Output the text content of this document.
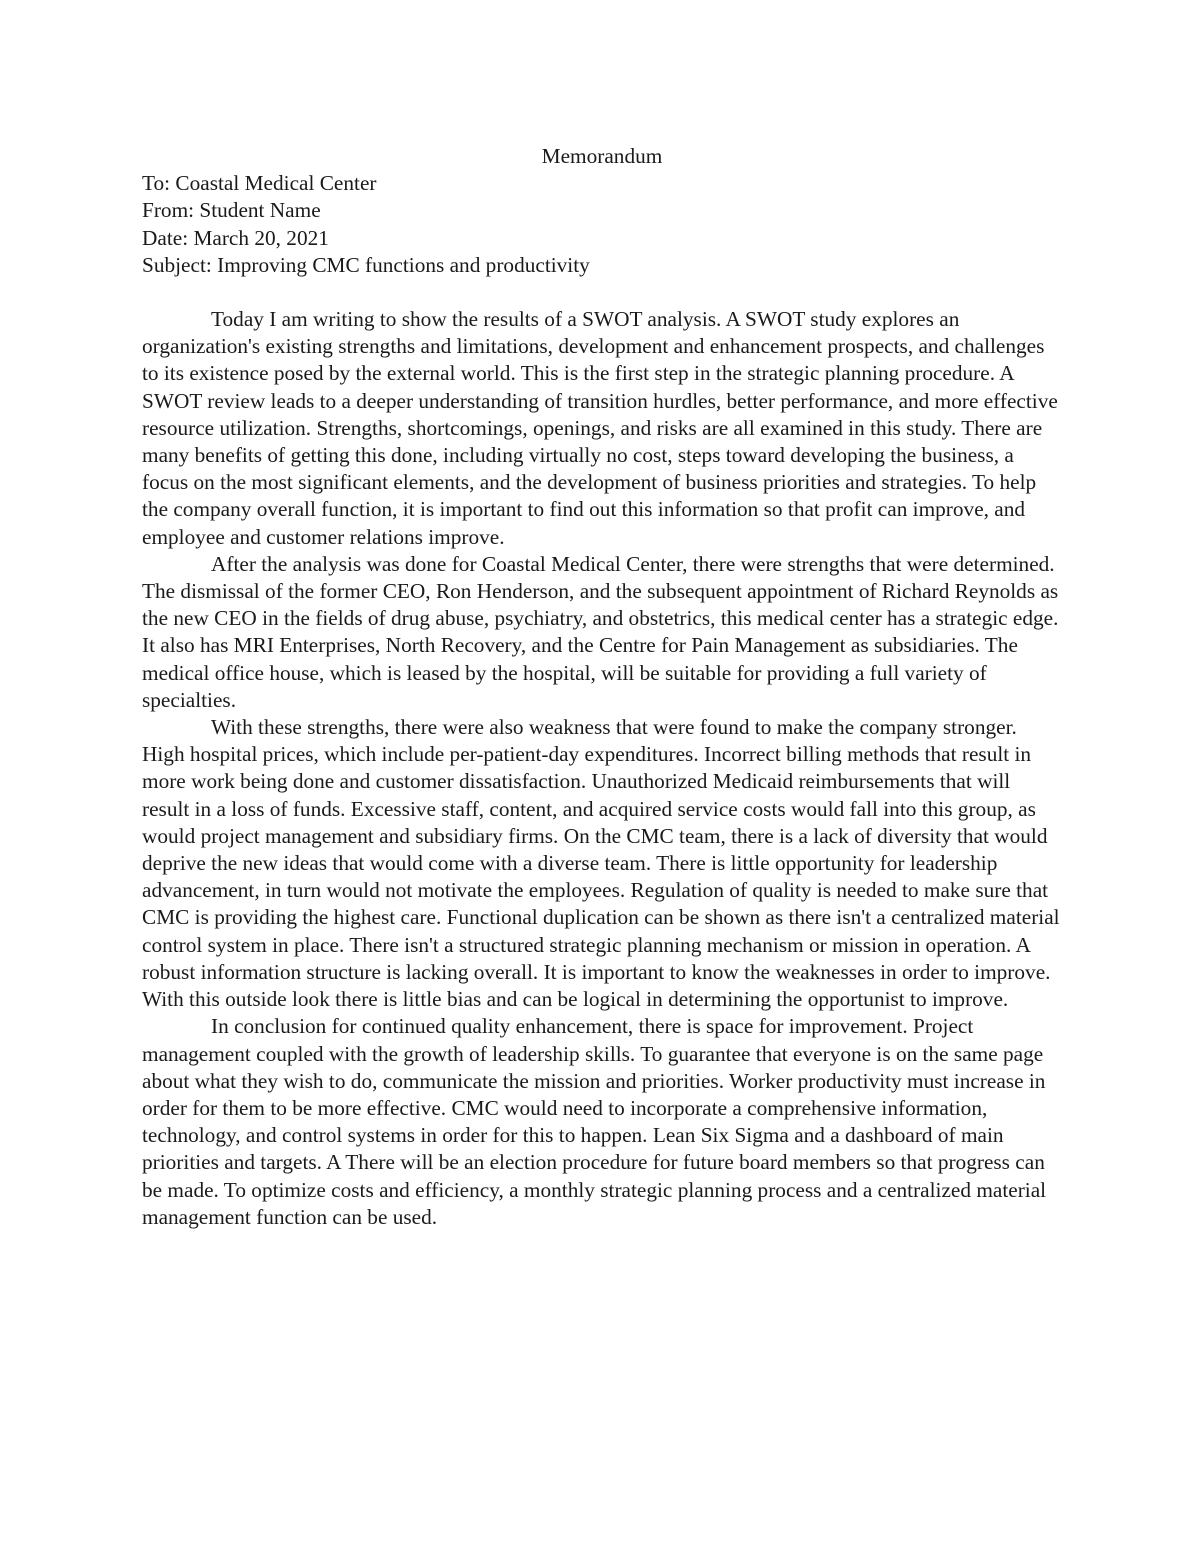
Memorandum

To: Coastal Medical Center

From: Student Name

Date: March 20, 2021

Subject: Improving CMC functions and productivity

Today I am writing to show the results of a SWOT analysis. A SWOT study explores an organization's existing strengths and limitations, development and enhancement prospects, and challenges to its existence posed by the external world. This is the first step in the strategic planning procedure. A SWOT review leads to a deeper understanding of transition hurdles, better performance, and more effective resource utilization. Strengths, shortcomings, openings, and risks are all examined in this study. There are many benefits of getting this done, including virtually no cost, steps toward developing the business, a focus on the most significant elements, and the development of business priorities and strategies. To help the company overall function, it is important to find out this information so that profit can improve, and employee and customer relations improve.

After the analysis was done for Coastal Medical Center, there were strengths that were determined. The dismissal of the former CEO, Ron Henderson, and the subsequent appointment of Richard Reynolds as the new CEO in the fields of drug abuse, psychiatry, and obstetrics, this medical center has a strategic edge. It also has MRI Enterprises, North Recovery, and the Centre for Pain Management as subsidiaries. The medical office house, which is leased by the hospital, will be suitable for providing a full variety of specialties.

With these strengths, there were also weakness that were found to make the company stronger. High hospital prices, which include per-patient-day expenditures. Incorrect billing methods that result in more work being done and customer dissatisfaction. Unauthorized Medicaid reimbursements that will result in a loss of funds. Excessive staff, content, and acquired service costs would fall into this group, as would project management and subsidiary firms. On the CMC team, there is a lack of diversity that would deprive the new ideas that would come with a diverse team. There is little opportunity for leadership advancement, in turn would not motivate the employees. Regulation of quality is needed to make sure that CMC is providing the highest care. Functional duplication can be shown as there isn't a centralized material control system in place. There isn't a structured strategic planning mechanism or mission in operation. A robust information structure is lacking overall. It is important to know the weaknesses in order to improve. With this outside look there is little bias and can be logical in determining the opportunist to improve.

In conclusion for continued quality enhancement, there is space for improvement. Project management coupled with the growth of leadership skills. To guarantee that everyone is on the same page about what they wish to do, communicate the mission and priorities. Worker productivity must increase in order for them to be more effective. CMC would need to incorporate a comprehensive information, technology, and control systems in order for this to happen. Lean Six Sigma and a dashboard of main priorities and targets. A There will be an election procedure for future board members so that progress can be made. To optimize costs and efficiency, a monthly strategic planning process and a centralized material management function can be used.
